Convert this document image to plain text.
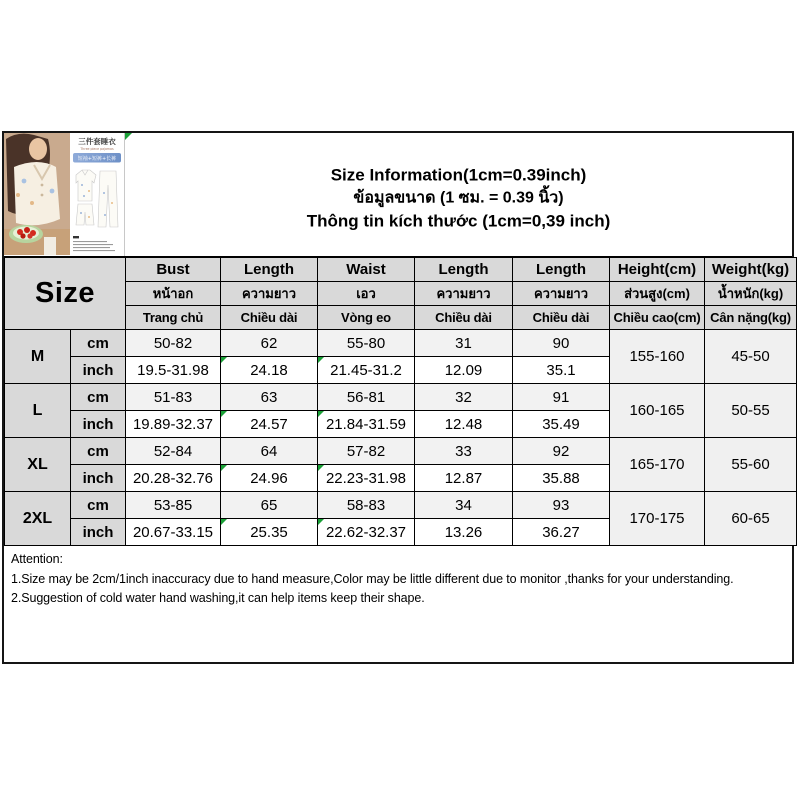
三件套睡衣
Three piece pajamas
短袖+短裤+长裤
Size Information(1cm=0.39inch)
ข้อมูลขนาด (1 ซม. = 0.39 นิ้ว)
Thông tin kích thước (1cm=0,39 inch)
Size		Bust	Length	Waist	Length	Length	Height(cm)	Weight(kg)
		หน้าอก	ความยาว	เอว	ความยาว	ความยาว	ส่วนสูง(cm)	น้ำหนัก(kg)
		Trang chủ	Chiều dài	Vòng eo	Chiều dài	Chiều dài	Chiều cao(cm)	Cân nặng(kg)
M	cm	50-82	62	55-80	31	90	155-160	45-50
	inch	19.5-31.98	24.18	21.45-31.2	12.09	35.1		
L	cm	51-83	63	56-81	32	91	160-165	50-55
	inch	19.89-32.37	24.57	21.84-31.59	12.48	35.49		
XL	cm	52-84	64	57-82	33	92	165-170	55-60
	inch	20.28-32.76	24.96	22.23-31.98	12.87	35.88		
2XL	cm	53-85	65	58-83	34	93	170-175	60-65
	inch	20.67-33.15	25.35	22.62-32.37	13.26	36.27		
Attention:
1.Size may be 2cm/1inch inaccuracy due to hand measure,Color may be little different due to monitor ,thanks for your understanding.
2.Suggestion of cold water hand washing,it can help items keep their shape.
